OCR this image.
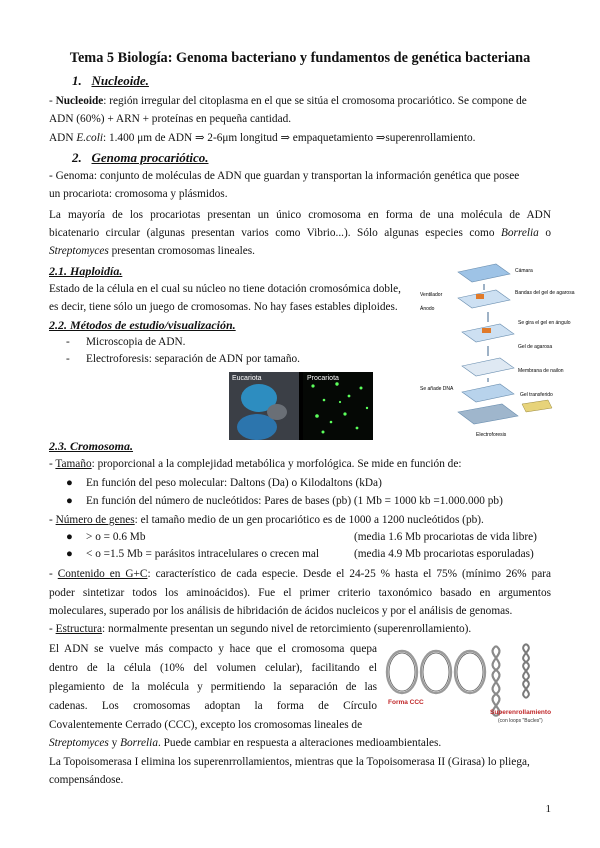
Tema 5 Biología: Genoma bacteriano y fundamentos de genética bacteriana
1. Nucleoide.
- Nucleoide: región irregular del citoplasma en el que se sitúa el cromosoma procariótico. Se compone de
ADN (60%) + ARN + proteínas en pequeña cantidad.
ADN E.coli: 1.400 μm de ADN ⇒ 2-6μm longitud ⇒ empaquetamiento ⇒superenrollamiento.
2. Genoma procariótico.
- Genoma: conjunto de moléculas de ADN que guardan y transportan la información genética que posee
un procariota: cromosoma y plásmidos.
La mayoría de los procariotas presentan un único cromosoma en forma de una molécula de ADN
bicatenario circular (algunas presentan varios como Vibrio...). Sólo algunas especies como Borrelia o
Streptomyces presentan cromosomas lineales.
2.1. Haploidía.
Estado de la célula en el cual su núcleo no tiene dotación cromosómica doble,
es decir, tiene sólo un juego de cromosomas. No hay fases estables diploides.
2.2. Métodos de estudio/visualización.
- Microscopia de ADN.
- Electroforesis: separación de ADN por tamaño.
Eucariota	Procariota
Cámara
Bandas del gel de agarosa
Ventilador
Ánodo
Se gira el gel en ángulo
Gel de agarosa
Membrana de nailon
Se añade DNA
Gel transferido
Electroforesis
2.3. Cromosoma.
- Tamaño: proporcional a la complejidad metabólica y morfológica. Se mide en función de:
● En función del peso molecular: Daltons (Da) o Kilodaltons (kDa)
● En función del número de nucleótidos: Pares de bases (pb) (1 Mb = 1000 kb =1.000.000 pb)
- Número de genes: el tamaño medio de un gen procariótico es de 1000 a 1200 nucleótidos (pb).
● > o = 0.6 Mb	(media 1.6 Mb procariotas de vida libre)
● < o =1.5 Mb = parásitos intracelulares o crecen mal	(media 4.9 Mb procariotas esporuladas)
- Contenido en G+C: característico de cada especie. Desde el 24-25 % hasta el 75% (mínimo 26% para
poder sintetizar todos los aminoácidos). Fue el primer criterio taxonómico basado en argumentos
moleculares, superado por los análisis de hibridación de ácidos nucleicos y por el análisis de genomas.
- Estructura: normalmente presentan un segundo nivel de retorcimiento (superenrollamiento).
El ADN se vuelve más compacto y hace que el cromosoma quepa
dentro de la célula (10% del volumen celular), facilitando el
plegamiento de la molécula y permitiendo la separación de las
cadenas. Los cromosomas adoptan la forma de Círculo
Covalentemente Cerrado (CCC), excepto los cromosomas lineales de
Streptomyces y Borrelia. Puede cambiar en respuesta a alteraciones medioambientales.
La Topoisomerasa I elimina los superenrrollamientos, mientras que la Topoisomerasa II (Girasa) lo pliega,
compensándose.
Forma CCC
Superenrollamiento
(con loops "Bucles")
1
